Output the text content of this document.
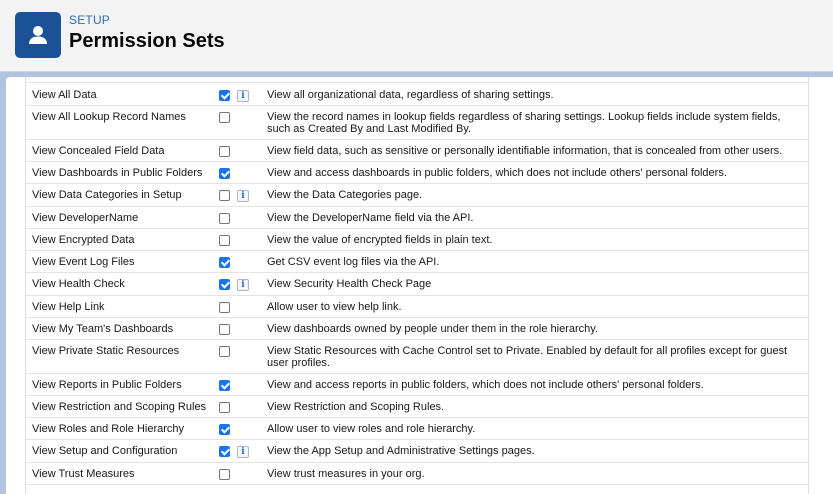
SETUP
Permission Sets
View All Data	i	View all organizational data, regardless of sharing settings.
View All Lookup Record Names	View the record names in lookup fields regardless of sharing settings. Lookup fields include system fields, such as Created By and Last Modified By.
View Concealed Field Data	View field data, such as sensitive or personally identifiable information, that is concealed from other users.
View Dashboards in Public Folders	View and access dashboards in public folders, which does not include others' personal folders.
View Data Categories in Setup	i	View the Data Categories page.
View DeveloperName	View the DeveloperName field via the API.
View Encrypted Data	View the value of encrypted fields in plain text.
View Event Log Files	Get CSV event log files via the API.
View Health Check	i	View Security Health Check Page
View Help Link	Allow user to view help link.
View My Team's Dashboards	View dashboards owned by people under them in the role hierarchy.
View Private Static Resources	View Static Resources with Cache Control set to Private. Enabled by default for all profiles except for guest user profiles.
View Reports in Public Folders	View and access reports in public folders, which does not include others' personal folders.
View Restriction and Scoping Rules	View Restriction and Scoping Rules.
View Roles and Role Hierarchy	Allow user to view roles and role hierarchy.
View Setup and Configuration	i	View the App Setup and Administrative Settings pages.
View Trust Measures	View trust measures in your org.
